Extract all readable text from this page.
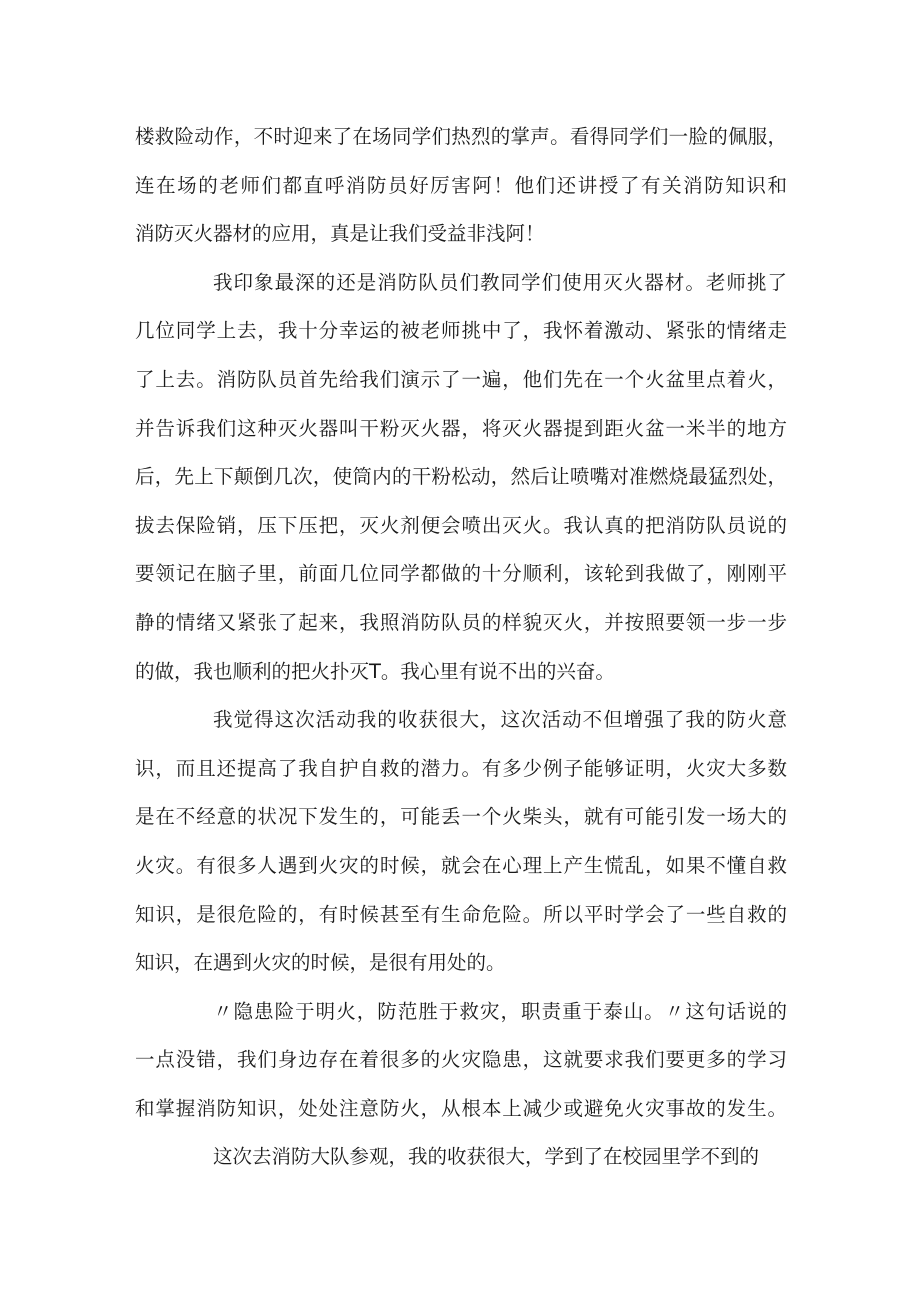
楼救险动作，不时迎来了在场同学们热烈的掌声。看得同学们一脸的佩服，
连在场的老师们都直呼消防员好厉害阿！他们还讲授了有关消防知识和
消防灭火器材的应用，真是让我们受益非浅阿！
我印象最深的还是消防队员们教同学们使用灭火器材。老师挑了
几位同学上去，我十分幸运的被老师挑中了，我怀着激动、紧张的情绪走
了上去。消防队员首先给我们演示了一遍，他们先在一个火盆里点着火，
并告诉我们这种灭火器叫干粉灭火器，将灭火器提到距火盆一米半的地方
后，先上下颠倒几次，使筒内的干粉松动，然后让喷嘴对准燃烧最猛烈处，
拔去保险销，压下压把，灭火剂便会喷出灭火。我认真的把消防队员说的
要领记在脑子里，前面几位同学都做的十分顺利，该轮到我做了，刚刚平
静的情绪又紧张了起来，我照消防队员的样貌灭火，并按照要领一步一步
的做，我也顺利的把火扑灭T。我心里有说不出的兴奋。
我觉得这次活动我的收获很大，这次活动不但增强了我的防火意
识，而且还提高了我自护自救的潜力。有多少例子能够证明，火灾大多数
是在不经意的状况下发生的，可能丢一个火柴头，就有可能引发一场大的
火灾。有很多人遇到火灾的时候，就会在心理上产生慌乱，如果不懂自救
知识，是很危险的，有时候甚至有生命危险。所以平时学会了一些自救的
知识，在遇到火灾的时候，是很有用处的。
〃隐患险于明火，防范胜于救灾，职责重于泰山。〃这句话说的
一点没错，我们身边存在着很多的火灾隐患，这就要求我们要更多的学习
和掌握消防知识，处处注意防火，从根本上减少或避免火灾事故的发生。
这次去消防大队参观，我的收获很大，学到了在校园里学不到的
